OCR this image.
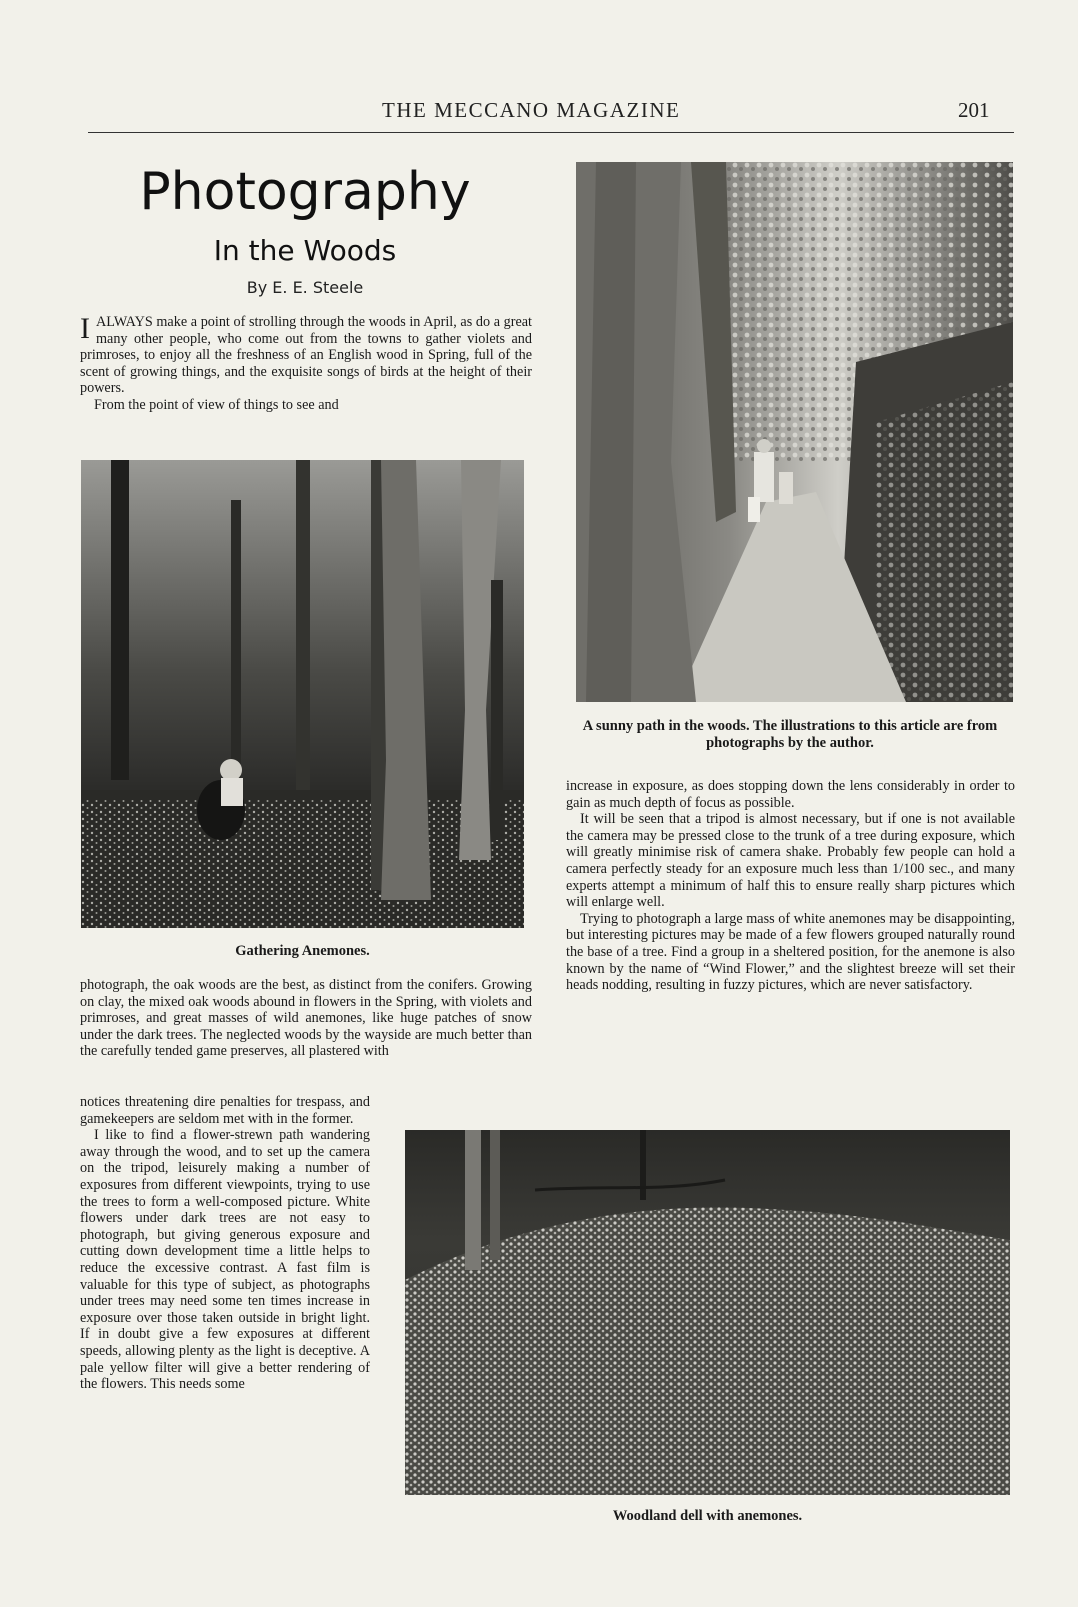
THE MECCANO MAGAZINE	201
Photography
In the Woods
By E. E. Steele

IALWAYS make a point of strolling through the woods in April, as do a great many other people, who come out from the towns to gather violets and primroses, to enjoy all the freshness of an English wood in Spring, full of the scent of growing things, and the exquisite songs of birds at the height of their powers.

From the point of view of things to see and

Gathering Anemones.

photograph, the oak woods are the best, as distinct from the conifers. Growing on clay, the mixed oak woods abound in flowers in the Spring, with violets and primroses, and great masses of wild anemones, like huge patches of snow under the dark trees. The neglected woods by the wayside are much better than the carefully tended game preserves, all plastered with

notices threatening dire penalties for trespass, and gamekeepers are seldom met with in the former.

I like to find a flower-strewn path wandering away through the wood, and to set up the camera on the tripod, leisurely making a number of exposures from different viewpoints, trying to use the trees to form a well-composed picture. White flowers under dark trees are not easy to photograph, but giving generous exposure and cutting down development time a little helps to reduce the excessive contrast. A fast film is valuable for this type of subject, as photographs under trees may need some ten times increase in exposure over those taken outside in bright light. If in doubt give a few exposures at different speeds, allowing plenty as the light is deceptive. A pale yellow filter will give a better rendering of the flowers. This needs some

A sunny path in the woods. The illustrations to this article are from photographs by the author.

increase in exposure, as does stopping down the lens considerably in order to gain as much depth of focus as possible.

It will be seen that a tripod is almost necessary, but if one is not available the camera may be pressed close to the trunk of a tree during exposure, which will greatly minimise risk of camera shake. Probably few people can hold a camera perfectly steady for an exposure much less than 1/100 sec., and many experts attempt a minimum of half this to ensure really sharp pictures which will enlarge well.

Trying to photograph a large mass of white anemones may be disappointing, but interesting pictures may be made of a few flowers grouped naturally round the base of a tree. Find a group in a sheltered position, for the anemone is also known by the name of “Wind Flower,” and the slightest breeze will set their heads nodding, resulting in fuzzy pictures, which are never satisfactory.

Woodland dell with anemones.
